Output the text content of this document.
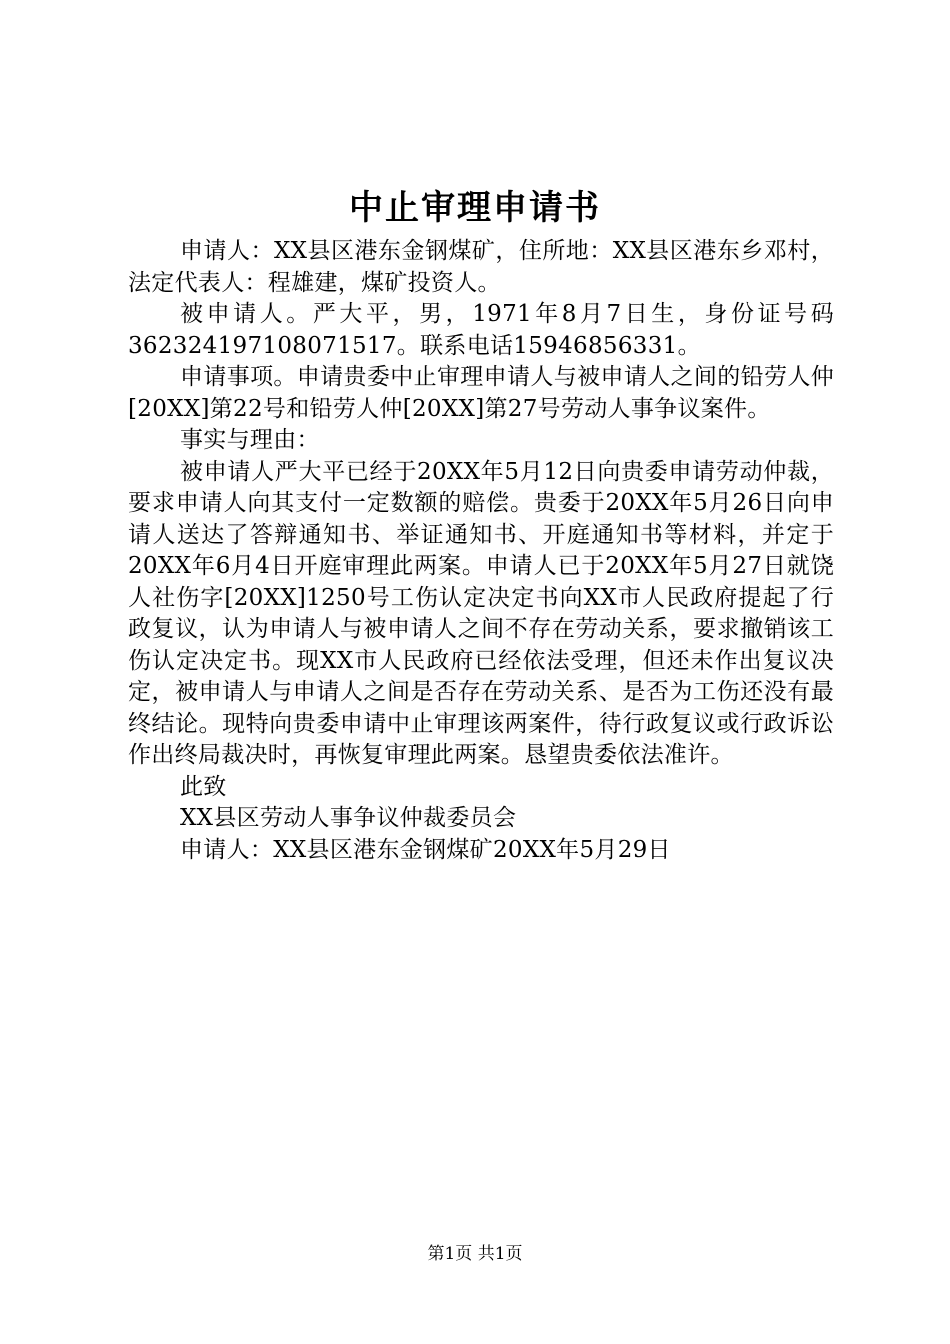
中止审理申请书

申请人：XX县区港东金钢煤矿，住所地：XX县区港东乡邓村，法定代表人：程雄建，煤矿投资人。

被申请人。严大平，男，1971年8月7日生，身份证号码362324197108071517。联系电话15946856331。

申请事项。申请贵委中止审理申请人与被申请人之间的铅劳人仲[20XX]第22号和铅劳人仲[20XX]第27号劳动人事争议案件。

事实与理由：

被申请人严大平已经于20XX年5月12日向贵委申请劳动仲裁，要求申请人向其支付一定数额的赔偿。贵委于20XX年5月26日向申请人送达了答辩通知书、举证通知书、开庭通知书等材料，并定于20XX年6月4日开庭审理此两案。申请人已于20XX年5月27日就饶人社伤字[20XX]1250号工伤认定决定书向XX市人民政府提起了行政复议，认为申请人与被申请人之间不存在劳动关系，要求撤销该工伤认定决定书。现XX市人民政府已经依法受理，但还未作出复议决定，被申请人与申请人之间是否存在劳动关系、是否为工伤还没有最终结论。现特向贵委申请中止审理该两案件，待行政复议或行政诉讼作出终局裁决时，再恢复审理此两案。恳望贵委依法准许。

此致

XX县区劳动人事争议仲裁委员会

申请人：XX县区港东金钢煤矿20XX年5月29日

第1页 共1页
